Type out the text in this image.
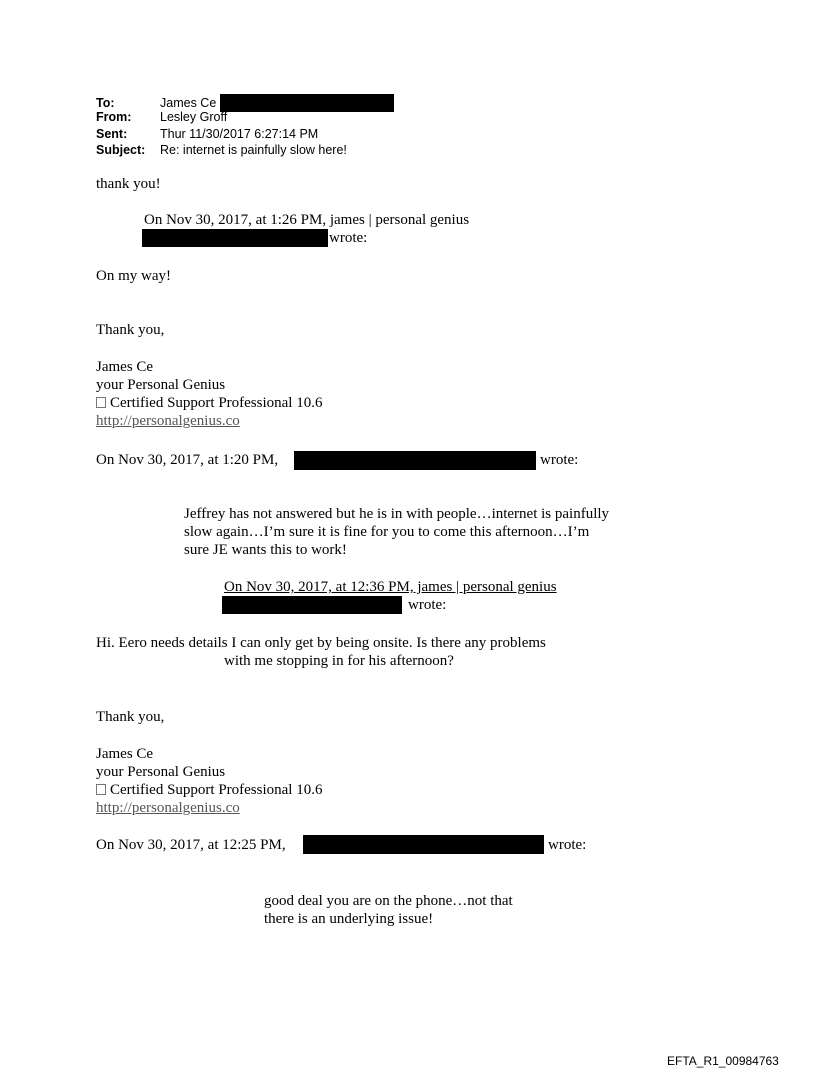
To:	James Ce
From: Lesley Groff
Sent:	Thur 11/30/2017 6:27:14 PM
Subject: Re: internet is painfully slow here!
thank you!
On Nov 30, 2017, at 1:26 PM, james | personal genius
wrote:
On my way!
Thank you,
James Ce
your Personal Genius
Certified Support Professional 10.6
http://personalgenius.co
On Nov 30, 2017, at 1:20 PM,	wrote:
Jeffrey has not answered but he is in with people…internet is painfully
slow again…I’m sure it is fine for you to come this afternoon…I’m
sure JE wants this to work!
On Nov 30, 2017, at 12:36 PM, james | personal genius
wrote:
Hi. Eero needs details I can only get by being onsite. Is there any problems
with me stopping in for his afternoon?
Thank you,
James Ce
your Personal Genius
Certified Support Professional 10.6
http://personalgenius.co
On Nov 30, 2017, at 12:25 PM,	wrote:
good deal you are on the phone…not that
there is an underlying issue!
EFTA_R1_00984763
